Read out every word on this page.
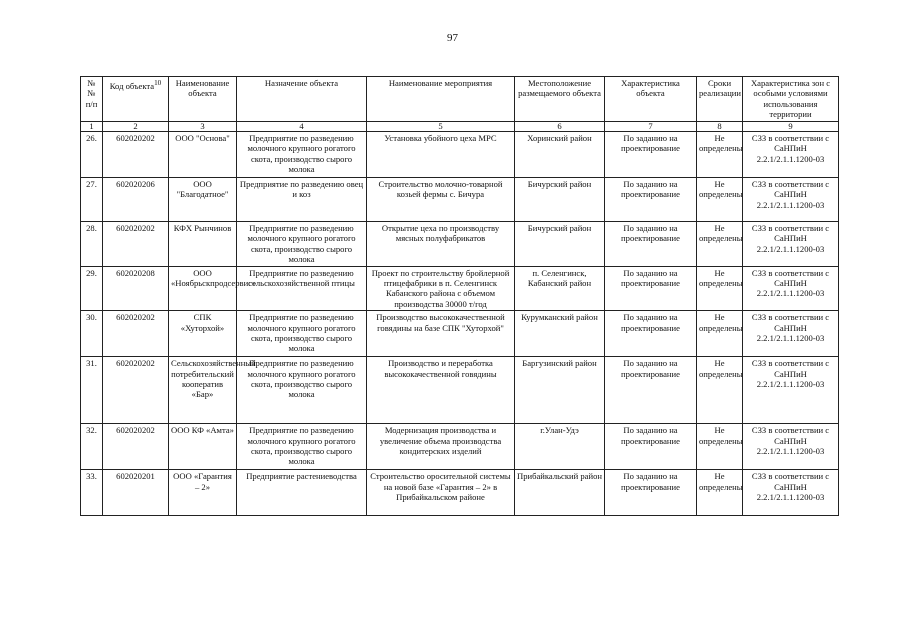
97
№ № п/п	Код объекта$^{10}$	Наименование объекта	Назначение объекта	Наименование мероприятия	Местоположение размещаемого объекта	Характеристика объекта	Сроки реализации	Характеристика зон с особыми условиями использования территории
1	2	3	4	5	6	7	8	9
26.	602020202	ООО "Основа"	Предприятие по разведению молочного крупного рогатого скота, производство сырого молока	Установка убойного цеха МРС	Хоринский район	По заданию на проектирование	Не определены	СЗЗ в соответствии с СаНПиН 2.2.1/2.1.1.1200-03
27.	602020206	ООО "Благодатное"	Предприятие по разведению овец и коз	Строительство молочно-товарной козьей фермы с. Бичура	Бичурский район	По заданию на проектирование	Не определены	СЗЗ в соответствии с СаНПиН 2.2.1/2.1.1.1200-03
28.	602020202	КФХ Рынчинов	Предприятие по разведению молочного крупного рогатого скота, производство сырого молока	Открытие цеха по производству мясных полуфабрикатов	Бичурский район	По заданию на проектирование	Не определены	СЗЗ в соответствии с СаНПиН 2.2.1/2.1.1.1200-03
29.	602020208	ООО «Ноябрьскпродсервис»	Предприятие по разведению сельскохозяйственной птицы	Проект по строительству бройлерной птицефабрики в п. Селенгинск Кабанского района с объемом производства 30000 т/год	п. Селенгинск, Кабанский район	По заданию на проектирование	Не определены	СЗЗ в соответствии с СаНПиН 2.2.1/2.1.1.1200-03
30.	602020202	СПК «Хуторхой»	Предприятие по разведению молочного крупного рогатого скота, производство сырого молока	Производство высококачественной говядины на базе СПК "Хуторхой"	Курумканский район	По заданию на проектирование	Не определены	СЗЗ в соответствии с СаНПиН 2.2.1/2.1.1.1200-03
31.	602020202	Сельскохозяйственный потребительский кооператив «Бар»	Предприятие по разведению молочного крупного рогатого скота, производство сырого молока	Производство и переработка высококачественной говядины	Баргузинский район	По заданию на проектирование	Не определены	СЗЗ в соответствии с СаНПиН 2.2.1/2.1.1.1200-03
32.	602020202	ООО КФ «Амта»	Предприятие по разведению молочного крупного рогатого скота, производство сырого молока	Модернизация производства и увеличение объема производства кондитерских изделий	г.Улан-Удэ	По заданию на проектирование	Не определены	СЗЗ в соответствии с СаНПиН 2.2.1/2.1.1.1200-03
33.	602020201	ООО «Гарантия – 2»	Предприятие растениеводства	Строительство оросительной системы на новой базе «Гарантия – 2» в Прибайкальском районе	Прибайкальский район	По заданию на проектирование	Не определены	СЗЗ в соответствии с СаНПиН 2.2.1/2.1.1.1200-03
